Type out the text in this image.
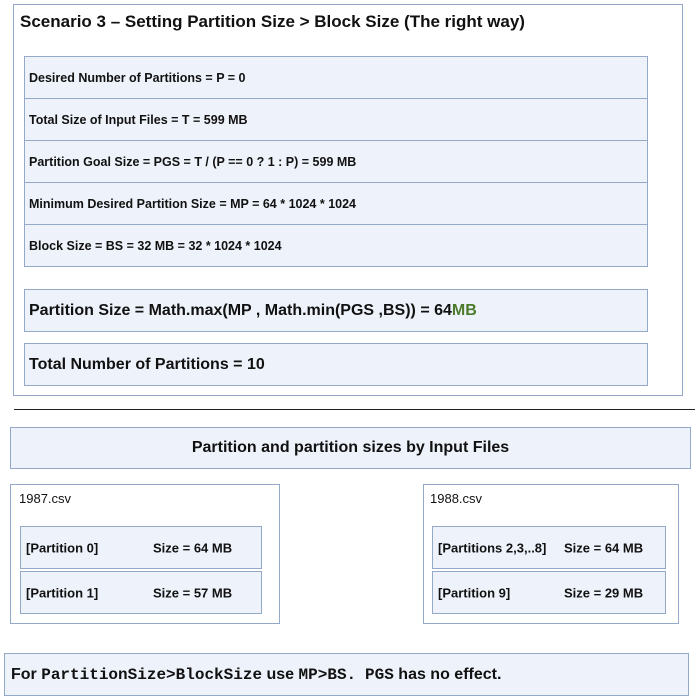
Scenario 3 – Setting Partition Size > Block Size (The right way)
Desired Number of Partitions = P = 0
Total Size of Input Files = T = 599 MB
Partition Goal Size = PGS = T / (P == 0 ? 1 : P) = 599 MB
Minimum Desired Partition Size = MP = 64 * 1024 * 1024
Block Size = BS = 32 MB = 32 * 1024 * 1024
Partition Size = Math.max(MP , Math.min(PGS ,BS)) = 64 MB
Total Number of Partitions = 10
Partition and partition sizes by Input Files
1987.csv
[Partition 0]	Size = 64 MB
[Partition 1]	Size = 57 MB
1988.csv
[Partitions 2,3,..8] Size = 64 MB
[Partition 9]	Size = 29 MB
For PartitionSize>BlockSize use MP>BS.
PGS has no effect.
